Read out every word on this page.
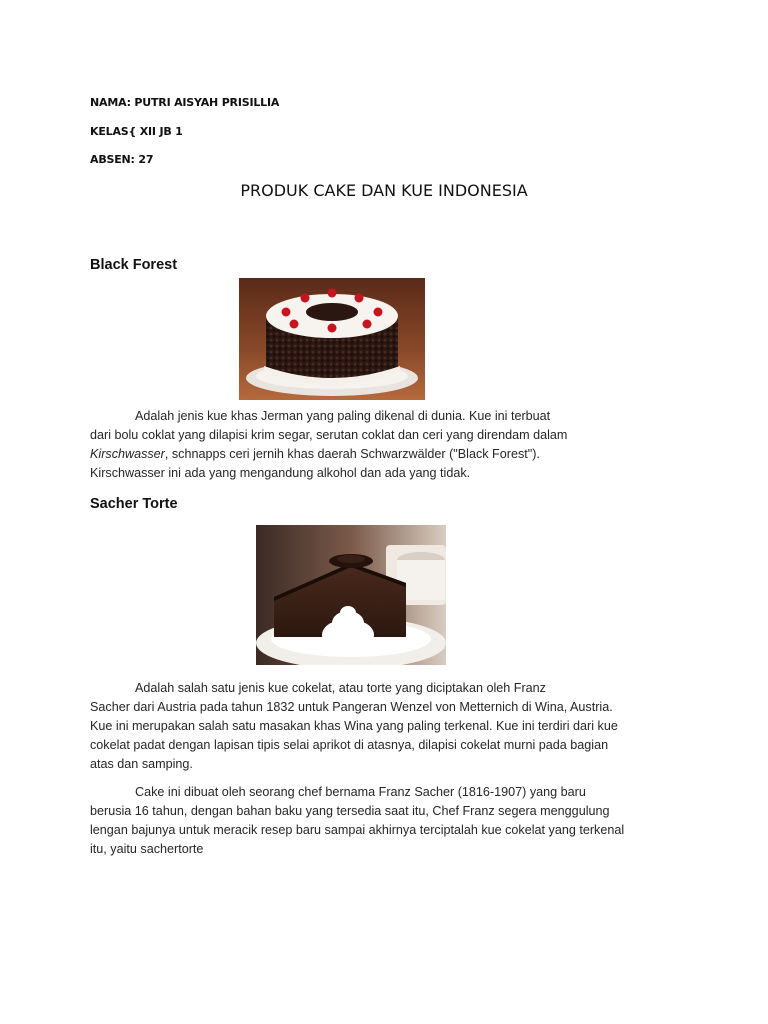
NAMA: PUTRI AISYAH PRISILLIA
KELAS{ XII JB 1
ABSEN: 27
PRODUK CAKE DAN KUE INDONESIA
Black Forest

Adalah jenis kue khas Jerman yang paling dikenal di dunia. Kue ini terbuat

dari bolu coklat yang dilapisi krim segar, serutan coklat dan ceri yang direndam dalam

Kirschwasser, schnapps ceri jernih khas daerah Schwarzwälder ("Black Forest").

Kirschwasser ini ada yang mengandung alkohol dan ada yang tidak.

Sacher Torte

Adalah salah satu jenis kue cokelat, atau torte yang diciptakan oleh Franz

Sacher dari Austria pada tahun 1832 untuk Pangeran Wenzel von Metternich di Wina, Austria.

Kue ini merupakan salah satu masakan khas Wina yang paling terkenal. Kue ini terdiri dari kue

cokelat padat dengan lapisan tipis selai aprikot di atasnya, dilapisi cokelat murni pada bagian

atas dan samping.

Cake ini dibuat oleh seorang chef bernama Franz Sacher (1816-1907) yang baru

berusia 16 tahun, dengan bahan baku yang tersedia saat itu, Chef Franz segera menggulung

lengan bajunya untuk meracik resep baru sampai akhirnya terciptalah kue cokelat yang terkenal

itu, yaitu sachertorte
